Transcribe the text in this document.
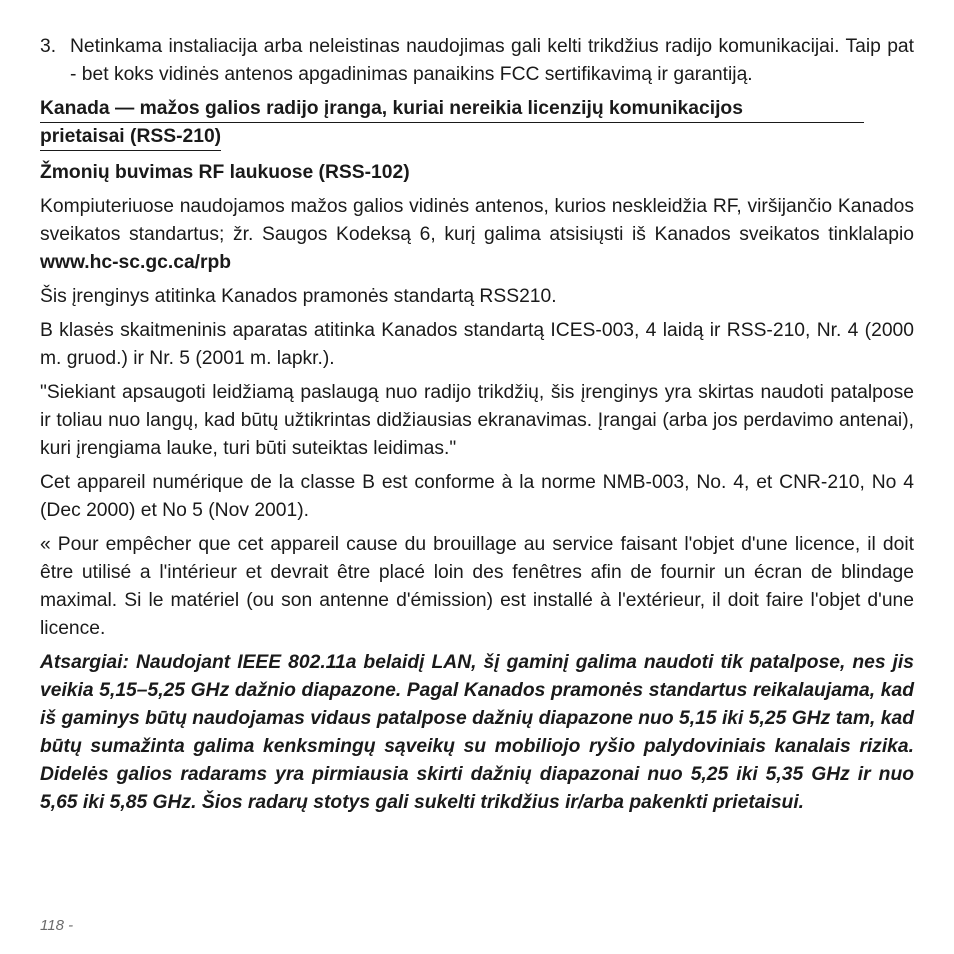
3. Netinkama instaliacija arba neleistinas naudojimas gali kelti trikdžius radijo komunikacijai. Taip pat - bet koks vidinės antenos apgadinimas panaikins FCC sertifikavimą ir garantiją.
Kanada — mažos galios radijo įranga, kuriai nereikia licenzijų komunikacijos prietaisai (RSS-210)
Žmonių buvimas RF laukuose (RSS-102)

Kompiuteriuose naudojamos mažos galios vidinės antenos, kurios neskleidžia RF, viršijančio Kanados sveikatos standartus; žr. Saugos Kodeksą 6, kurį galima atsisiųsti iš Kanados sveikatos tinklalapio www.hc-sc.gc.ca/rpb

Šis įrenginys atitinka Kanados pramonės standartą RSS210.

B klasės skaitmeninis aparatas atitinka Kanados standartą ICES-003, 4 laidą ir RSS-210, Nr. 4 (2000 m. gruod.) ir Nr. 5 (2001 m. lapkr.).

"Siekiant apsaugoti leidžiamą paslaugą nuo radijo trikdžių, šis įrenginys yra skirtas naudoti patalpose ir toliau nuo langų, kad būtų užtikrintas didžiausias ekranavimas. Įrangai (arba jos perdavimo antenai), kuri įrengiama lauke, turi būti suteiktas leidimas."

Cet appareil numérique de la classe B est conforme à la norme NMB-003, No. 4, et CNR-210, No 4 (Dec 2000) et No 5 (Nov 2001).

« Pour empêcher que cet appareil cause du brouillage au service faisant l'objet d'une licence, il doit être utilisé a l'intérieur et devrait être placé loin des fenêtres afin de fournir un écran de blindage maximal. Si le matériel (ou son antenne d'émission) est installé à l'extérieur, il doit faire l'objet d'une licence.

Atsargiai: Naudojant IEEE 802.11a belaidį LAN, šį gaminį galima naudoti tik patalpose, nes jis veikia 5,15–5,25 GHz dažnio diapazone. Pagal Kanados pramonės standartus reikalaujama, kad iš gaminys būtų naudojamas vidaus patalpose dažnių diapazone nuo 5,15 iki 5,25 GHz tam, kad būtų sumažinta galima kenksmingų sąveikų su mobiliojo ryšio palydoviniais kanalais rizika. Didelės galios radarams yra pirmiausia skirti dažnių diapazonai nuo 5,25 iki 5,35 GHz ir nuo 5,65 iki 5,85 GHz. Šios radarų stotys gali sukelti trikdžius ir/arba pakenkti prietaisui.

118 -
